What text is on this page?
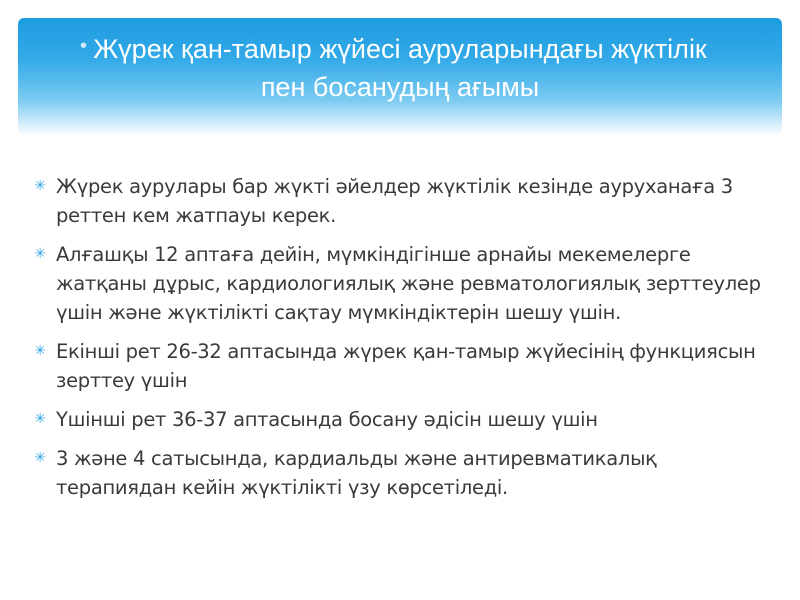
• Жүрек қан-тамыр жүйесі ауруларындағы жүктілік пен босанудың ағымы
✳ Жүрек аурулары бар жүкті әйелдер жүктілік кезінде ауруханаға 3 реттен кем жатпауы керек.
✳ Алғашқы 12 аптаға дейін, мүмкіндігінше арнайы мекемелерге жатқаны дұрыс, кардиологиялық және ревматологиялық зерттеулер үшін және жүктілікті сақтау мүмкіндіктерін шешу үшін.
✳ Екінші рет 26-32 аптасында жүрек қан-тамыр жүйесінің функциясын зерттеу үшін
✳ Үшінші рет 36-37 аптасында босану әдісін шешу үшін
✳ 3 және 4 сатысында, кардиальды және антиревматикалық терапиядан кейін жүктілікті үзу көрсетіледі.
